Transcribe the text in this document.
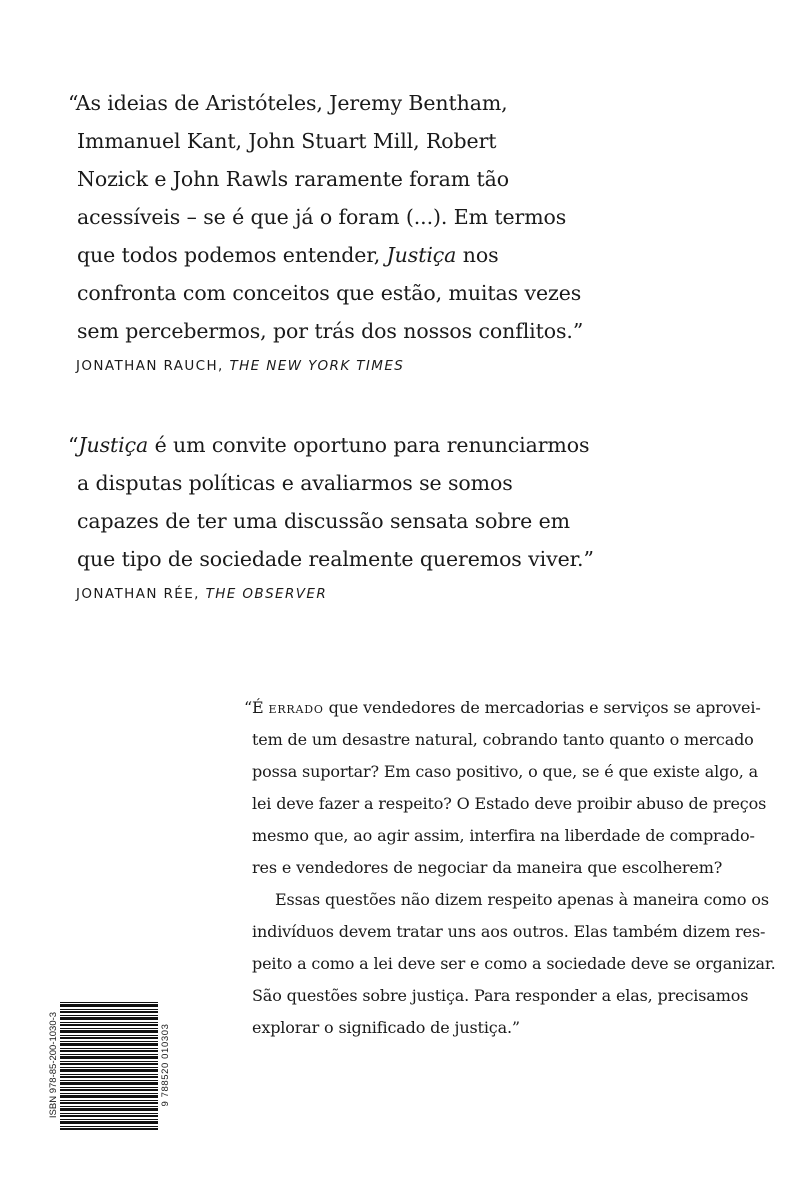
“As ideias de Aristóteles, Jeremy Bentham,
Immanuel Kant, John Stuart Mill, Robert
Nozick e John Rawls raramente foram tão
acessíveis – se é que já o foram (...). Em termos
que todos podemos entender, Justiça nos
confronta com conceitos que estão, muitas vezes
sem percebermos, por trás dos nossos conflitos.”
JONATHAN RAUCH, THE NEW YORK TIMES
“Justiça é um convite oportuno para renunciarmos
a disputas políticas e avaliarmos se somos
capazes de ter uma discussão sensata sobre em
que tipo de sociedade realmente queremos viver.”
JONATHAN RÉE, THE OBSERVER
“É errado que vendedores de mercadorias e serviços se aprovei-
tem de um desastre natural, cobrando tanto quanto o mercado
possa suportar? Em caso positivo, o que, se é que existe algo, a
lei deve fazer a respeito? O Estado deve proibir abuso de preços
mesmo que, ao agir assim, interfira na liberdade de comprado-
res e vendedores de negociar da maneira que escolherem?
Essas questões não dizem respeito apenas à maneira como os
indivíduos devem tratar uns aos outros. Elas também dizem res-
peito a como a lei deve ser e como a sociedade deve se organizar.
São questões sobre justiça. Para responder a elas, precisamos
explorar o significado de justiça.”
ISBN 978-85-200-1030-3	9 788520 010303
